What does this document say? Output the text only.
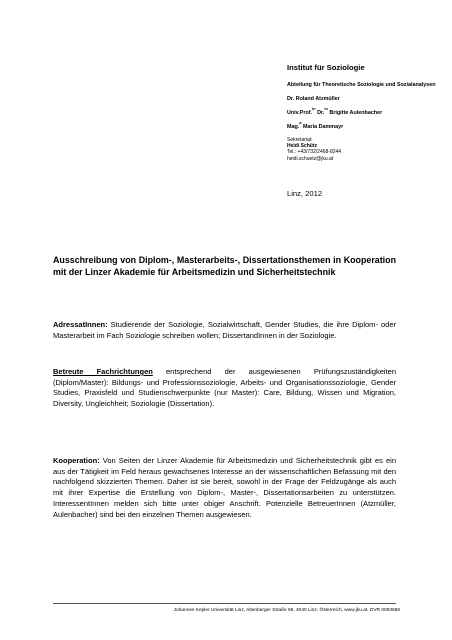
Institut für Soziologie
Abteilung für Theoretische Soziologie und Sozialanalysen
Dr. Roland Atzmüller
Univ.Prof.$^{in}$ Dr.$^{in}$ Brigitte Aulenbacher
Mag.$^a$ Maria Dammayr
Sekretariat:
Heidi Schütz
Tel.: +43/732/2468-8244
heidi.schuetz@jku.at
Linz, 2012
Ausschreibung von Diplom-, Masterarbeits-, Dissertationsthemen in Kooperation mit der Linzer Akademie für Arbeitsmedizin und Sicherheitstechnik
AdressatInnen: Studierende der Soziologie, Sozialwirtschaft, Gender Studies, die ihre Diplom- oder Masterarbeit im Fach Soziologie schreiben wollen; DissertandInnen in der Soziologie.
Betreute Fachrichtungen entsprechend der ausgewiesenen Prüfungszuständigkeiten (Diplom/Master): Bildungs- und Professionssoziologie, Arbeits- und Organisationssoziologie, Gender Studies, Praxisfeld und Studienschwerpunkte (nur Master): Care, Bildung, Wissen und Migration, Diversity, Ungleichheit; Soziologie (Dissertation).
Kooperation: Von Seiten der Linzer Akademie für Arbeitsmedizin und Sicherheitstechnik gibt es ein aus der Tätigkeit im Feld heraus gewachsenes Interesse an der wissenschaftlichen Befassung mit den nachfolgend skizzierten Themen. Daher ist sie bereit, sowohl in der Frage der Feldzugänge als auch mit ihrer Expertise die Erstellung von Diplom-, Master-, Dissertationsarbeiten zu unterstützen. InteressentInnen melden sich bitte unter obiger Anschrift. Potenzielle BetreuerInnen (Atzmüller, Aulenbacher) sind bei den einzelnen Themen ausgewiesen.
Johannes Kepler Universität Linz, Altenberger Straße 69, 4040 Linz, Österreich, www.jku.at, DVR 0093696
